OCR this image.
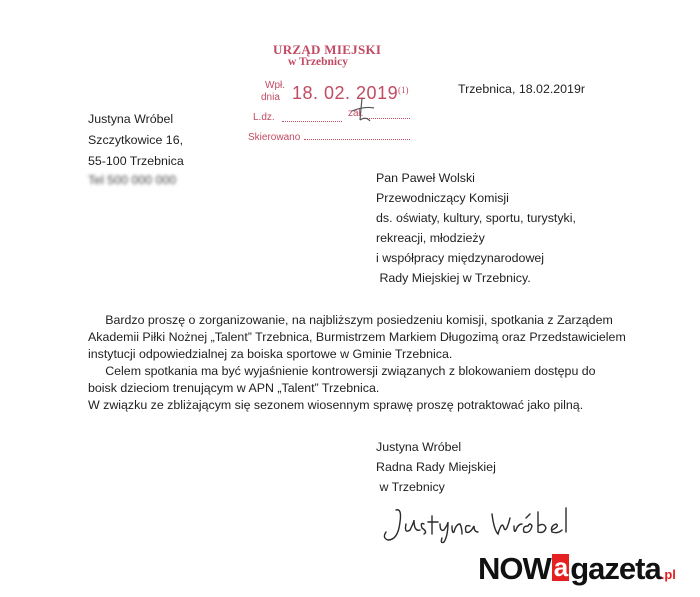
URZĄD MIEJSKI
w Trzebnicy
Wpł.
dnia 18. 02. 2019 (1)
L.dz.	zał.
Skierowano
Trzebnica, 18.02.2019r
Justyna Wróbel
Szczytkowice 16,
55-100 Trzebnica
Tel 500 000 000	Pan Paweł Wolski
Przewodniczący Komisji
ds. oświaty, kultury, sportu, turystyki,
rekreacji, młodzieży
i współpracy międzynarodowej
Rady Miejskiej w Trzebnicy.
Bardzo proszę o zorganizowanie, na najbliższym posiedzeniu komisji, spotkania z Zarządem
Akademii Piłki Nożnej „Talent” Trzebnica, Burmistrzem Markiem Długozimą oraz Przedstawicielem
instytucji odpowiedzialnej za boiska sportowe w Gminie Trzebnica.
Celem spotkania ma być wyjaśnienie kontrowersji związanych z blokowaniem dostępu do
boisk dzieciom trenującym w APN „Talent” Trzebnica.
W związku ze zbliżającym się sezonem wiosennym sprawę proszę potraktować jako pilną.
Justyna Wróbel
Radna Rady Miejskiej
w Trzebnicy
NOW agazeta.pl
